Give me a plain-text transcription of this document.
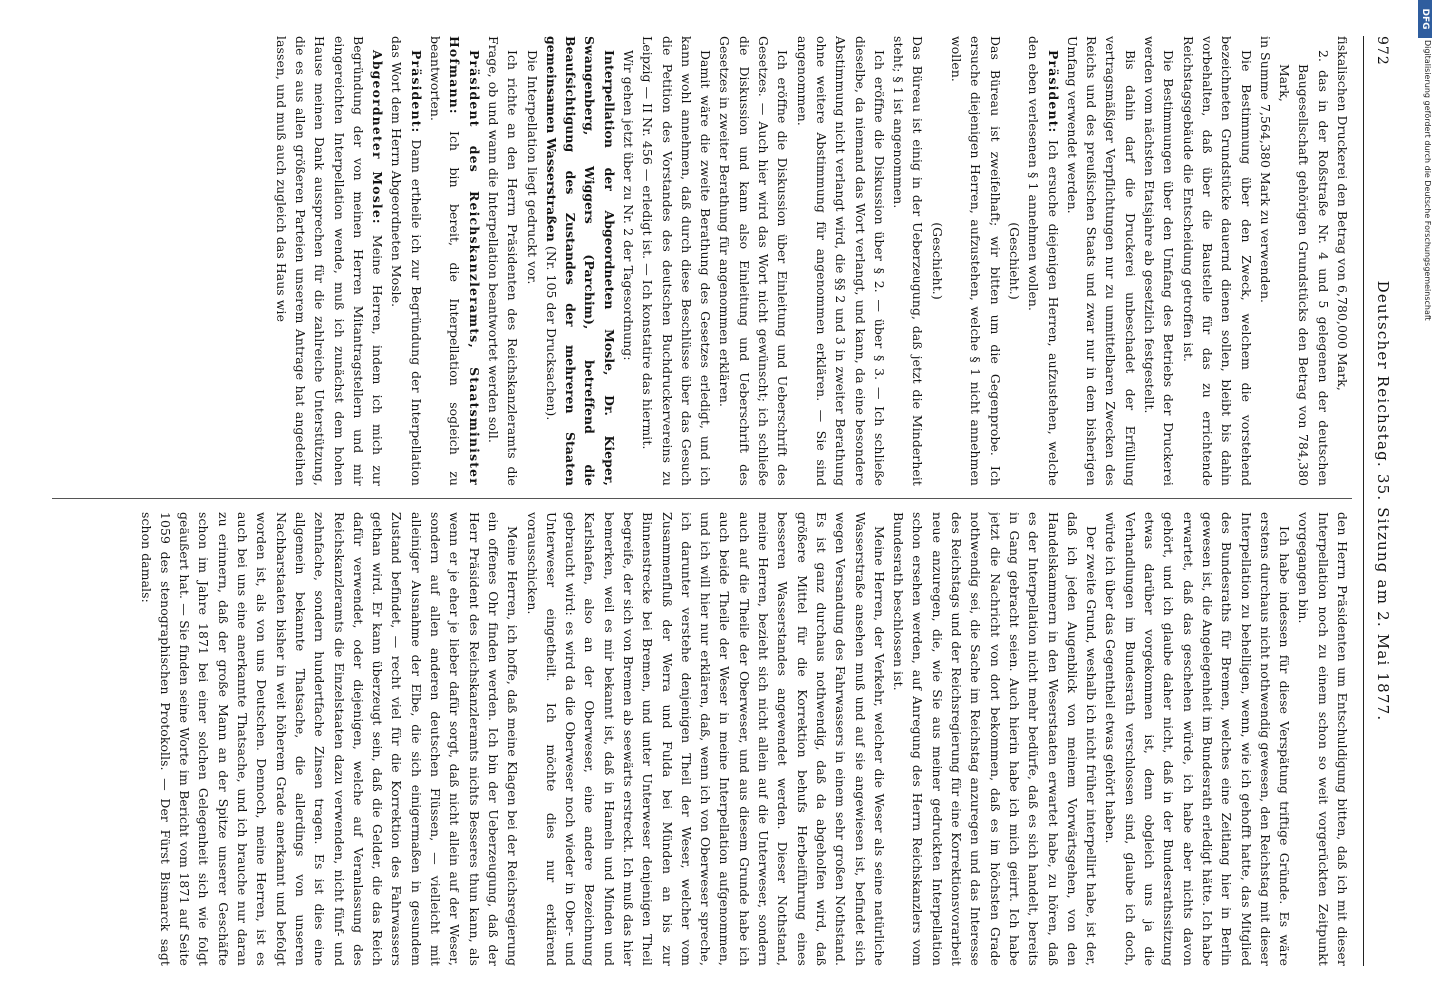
972
Deutscher Reichstag. 35. Sitzung am 2. Mai 1877.

fiskalischen Druckerei den Betrag von 6,780,000 Mark,

2. das in der Roßstraße Nr. 4 und 5 gelegenen der deutschen Baugesellschaft gehörigen Grundstücks den Betrag von 784,380 Mark,

in Summe 7,564,380 Mark zu verwenden.

Die Bestimmung über den Zweck, welchem die vorstehend bezeichneten Grundstücke dauernd dienen sollen, bleibt bis dahin vorbehalten, daß über die Baustelle für das zu errichtende Reichstagsgebäude die Entscheidung getroffen ist.

Die Bestimmungen über den Umfang des Betriebs der Druckerei werden vom nächsten Etatsjahre ab gesetzlich festgestellt.

Bis dahin darf die Druckerei unbeschadet der Erfüllung vertragsmäßiger Verpflichtungen nur zu unmittelbaren Zwecken des Reichs und des preußischen Staats und zwar nur in dem bisherigen Umfang verwendet werden.

Präsident: Ich ersuche diejenigen Herren, aufzustehen, welche den eben verlesenen § 1 annehmen wollen.

(Geschieht.)

Das Büreau ist zweifelhaft; wir bitten um die Gegenprobe. Ich ersuche diejenigen Herren, aufzustehen, welche § 1 nicht annehmen wollen.

(Geschieht.)

Das Büreau ist einig in der Ueberzeugung, daß jetzt die Minderheit steht; § 1 ist angenommen.

Ich eröffne die Diskussion über § 2. — über § 3. — Ich schließe dieselbe, da niemand das Wort verlangt, und kann, da eine besondere Abstimmung nicht verlangt wird, die §§ 2 und 3 in zweiter Berathung ohne weitere Abstimmung für angenommen erklären. — Sie sind angenommen.

Ich eröffne die Diskussion über Einleitung und Ueberschrift des Gesetzes. — Auch hier wird das Wort nicht gewünscht; ich schließe die Diskussion und kann also Einleitung und Ueberschrift des Gesetzes in zweiter Berathung für angenommen erklären.

Damit wäre die zweite Berathung des Gesetzes erledigt, und ich kann wohl annehmen, daß durch diese Beschlüsse über das Gesuch die Petition des Vorstandes des deutschen Buchdruckervereins zu Leipzig — II Nr. 456 — erledigt ist. — Ich konstatire das hiermit.

Wir gehen jetzt über zu Nr. 2 der Tagesordnung:

Interpellation der Abgeordneten Mosle, Dr. Kieper, Swangenberg, Wiggers (Parchim), betreffend die Beaufsichtigung des Zustandes der mehreren Staaten gemeinsamen Wasserstraßen (Nr. 105 der Drucksachen).

Die Interpellation liegt gedruckt vor.

Ich richte an den Herrn Präsidenten des Reichskanzleramts die Frage, ob und wann die Interpellation beantwortet werden soll.

Präsident des Reichskanzleramts, Staatsminister Hofmann: Ich bin bereit, die Interpellation sogleich zu beantworten.

Präsident: Dann ertheile ich zur Begründung der Interpellation das Wort dem Herrn Abgeordneten Mosle.

Abgeordneter Mosle: Meine Herren, indem ich mich zur Begründung der von meinen Herren Mitantragstellern und mir eingereichten Interpellation wende, muß ich zunächst dem hohen Hause meinen Dank aussprechen für die zahlreiche Unterstützung, die es aus allen größeren Parteien unserem Antrage hat angedeihen lassen, und muß auch zugleich das Haus wie

den Herrn Präsidenten um Entschuldigung bitten, daß ich mit dieser Interpellation noch zu einem schon so weit vorgerückten Zeitpunkt vorgegangen bin.

Ich habe indessen für diese Verspätung triftige Gründe. Es wäre erstens durchaus nicht nothwendig gewesen, den Reichstag mit dieser Interpellation zu behelligen, wenn, wie ich gehofft hatte, das Mitglied des Bundesraths für Bremen, welches eine Zeitlang hier in Berlin gewesen ist, die Angelegenheit im Bundesrath erledigt hätte. Ich habe erwartet, daß das geschehen würde, ich habe aber nichts davon gehört, und ich glaube daher nicht, daß in der Bundesrathssitzung etwas darüber vorgekommen ist, denn obgleich uns ja die Verhandlungen im Bundesrath verschlossen sind, glaube ich doch, würde ich über das Gegentheil etwas gehört haben.

Der zweite Grund, weshalb ich nicht früher interpellirt habe, ist der, daß ich jeden Augenblick von meinem Vorwärtsgehen, von den Handelskammern in den Weserstaaten erwartet habe, zu hören, daß es der Interpellation nicht mehr bedürfe, daß es sich handelt, bereits in Gang gebracht seien. Auch hierin habe ich mich geirrt. Ich habe jetzt die Nachricht von dort bekommen, daß es im höchsten Grade nothwendig sei, die Sache im Reichstag anzuregen und das Interesse des Reichstags und der Reichsregierung für eine Korrektionsvorarbeit neue anzuregen, die, wie Sie aus meiner gedruckten Interpellation schon ersehen werden, auf Anregung des Herrn Reichskanzlers vom Bundesrath beschlossen ist.

Meine Herren, der Verkehr, welcher die Weser als seine natürliche Wasserstraße ansehen muß und auf sie angewiesen ist, befindet sich wegen Versandung des Fahrwassers in einem sehr großen Nothstand. Es ist ganz durchaus nothwendig, daß da abgeholfen wird, daß größere Mittel für die Korrektion behufs Herbeiführung eines besseren Wasserstandes angewendet werden. Dieser Nothstand, meine Herren, bezieht sich nicht allein auf die Unterweser, sondern auch auf die Theile der Oberweser, und aus diesem Grunde habe ich auch beide Theile der Weser in meine Interpellation aufgenommen, und ich will hier nur erklären, daß, wenn ich von Oberweser spreche, ich darunter verstehe denjenigen Theil der Weser, welcher vom Zusammenfluß der Werra und Fulda bei Münden an bis zur Binnenstrecke bei Bremen, und unter Unterweser denjenigen Theil begreife, der sich von Bremen ab seewärts erstreckt. Ich muß das hier bemerken, weil es mir bekannt ist, daß in Hameln und Minden und Karlshafen, also an der Oberweser, eine andere Bezeichnung gebraucht wird: es wird da die Oberweser noch wieder in Ober- und Unterweser eingetheilt. Ich möchte dies nur erklärend vorausschicken.

Meine Herren, ich hoffe, daß meine Klagen bei der Reichsregierung ein offenes Ohr finden werden. Ich bin der Ueberzeugung, daß der Herr Präsident des Reichskanzleramts nichts Besseres thun kann, als wenn er je eher je lieber dafür sorgt, daß nicht allein auf der Weser, sondern auf allen anderen deutschen Flüssen, — vielleicht mit alleiniger Ausnahme der Elbe, die sich einigermaßen in gesundem Zustand befindet, — recht viel für die Korrektion des Fahrwassers gethan wird. Er kann überzeugt sein, daß die Gelder, die das Reich dafür verwendet, oder diejenigen, welche auf Veranlassung des Reichskanzleramts die Einzelstaaten dazu verwenden, nicht fünf- und zehnfache, sondern hundertfache Zinsen tragen. Es ist dies eine allgemein bekannte Thatsache, die allerdings von unseren Nachbarstaaten bisher in weit höherem Grade anerkannt und befolgt worden ist, als von uns Deutschen. Dennoch, meine Herren, ist es auch bei uns eine anerkannte Thatsache, und ich brauche nur daran zu erinnern, daß der große Mann an der Spitze unserer Geschäfte schon im Jahre 1871 bei einer solchen Gelegenheit sich wie folgt geäußert hat. — Sie finden seine Worte im Bericht vom 1871 auf Seite 1059 des stenographischen Protokolls. — Der Fürst Bismarck sagt schon damals:

DFG
Digitalisierung gefördert durch die Deutsche Forschungsgemeinschaft
